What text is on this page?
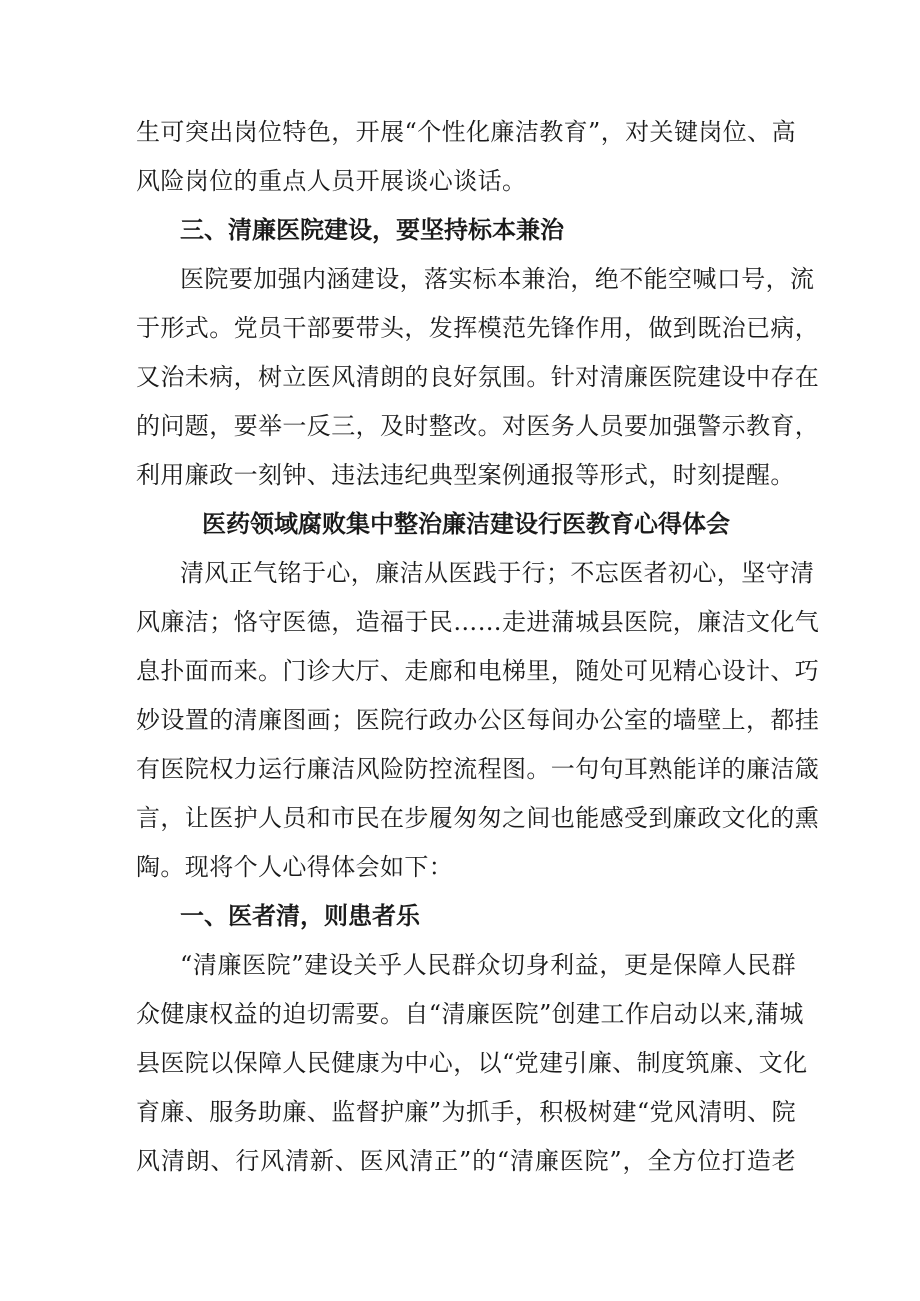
生可突出岗位特色，开展“个性化廉洁教育”，对关键岗位、高
风险岗位的重点人员开展谈心谈话。
三、清廉医院建设，要坚持标本兼治
医院要加强内涵建设，落实标本兼治，绝不能空喊口号，流
于形式。党员干部要带头，发挥模范先锋作用，做到既治已病，
又治未病，树立医风清朗的良好氛围。针对清廉医院建设中存在
的问题，要举一反三，及时整改。对医务人员要加强警示教育，
利用廉政一刻钟、违法违纪典型案例通报等形式，时刻提醒。
医药领域腐败集中整治廉洁建设行医教育心得体会
清风正气铭于心，廉洁从医践于行；不忘医者初心，坚守清
风廉洁；恪守医德，造福于民……走进蒲城县医院，廉洁文化气
息扑面而来。门诊大厅、走廊和电梯里，随处可见精心设计、巧
妙设置的清廉图画；医院行政办公区每间办公室的墙壁上，都挂
有医院权力运行廉洁风险防控流程图。一句句耳熟能详的廉洁箴
言，让医护人员和市民在步履匆匆之间也能感受到廉政文化的熏
陶。现将个人心得体会如下：
一、医者清，则患者乐
“清廉医院”建设关乎人民群众切身利益，更是保障人民群
众健康权益的迫切需要。自“清廉医院”创建工作启动以来,蒲城
县医院以保障人民健康为中心，以“党建引廉、制度筑廉、文化
育廉、服务助廉、监督护廉”为抓手，积极树建“党风清明、院
风清朗、行风清新、医风清正”的“清廉医院”，全方位打造老
